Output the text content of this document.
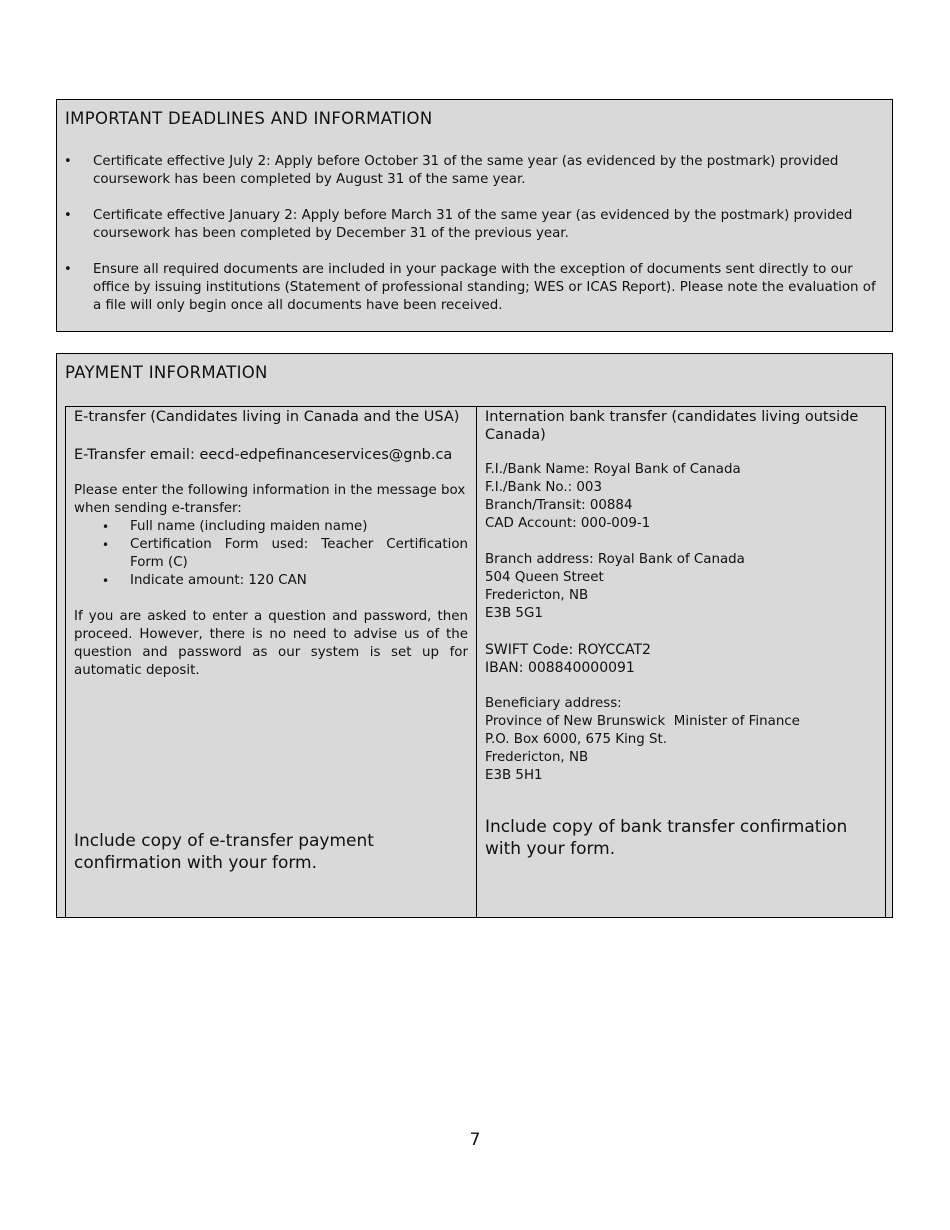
IMPORTANT DEADLINES AND INFORMATION
• Certificate effective July 2: Apply before October 31 of the same year (as evidenced by the postmark) provided coursework has been completed by August 31 of the same year.
• Certificate effective January 2: Apply before March 31 of the same year (as evidenced by the postmark) provided coursework has been completed by December 31 of the previous year.
• Ensure all required documents are included in your package with the exception of documents sent directly to our office by issuing institutions (Statement of professional standing; WES or ICAS Report). Please note the evaluation of a file will only begin once all documents have been received.
PAYMENT INFORMATION
E-transfer (Candidates living in Canada and the USA)
E-Transfer email: eecd-edpefinanceservices@gnb.ca
Please enter the following information in the message box when sending e-transfer:
• Full name (including maiden name)
• Certification Form used: Teacher Certification Form (C)
• Indicate amount: 120 CAN
If you are asked to enter a question and password, then proceed. However, there is no need to advise us of the question and password as our system is set up for automatic deposit.
Include copy of e-transfer payment confirmation with your form.
Internation bank transfer (candidates living outside Canada)
F.I./Bank Name: Royal Bank of Canada
F.I./Bank No.: 003
Branch/Transit: 00884
CAD Account: 000-009-1
Branch address: Royal Bank of Canada
504 Queen Street
Fredericton, NB
E3B 5G1
SWIFT Code: ROYCCAT2
IBAN: 008840000091
Beneficiary address:
Province of New Brunswick  Minister of Finance
P.O. Box 6000, 675 King St.
Fredericton, NB
E3B 5H1
Include copy of bank transfer confirmation with your form.
7
